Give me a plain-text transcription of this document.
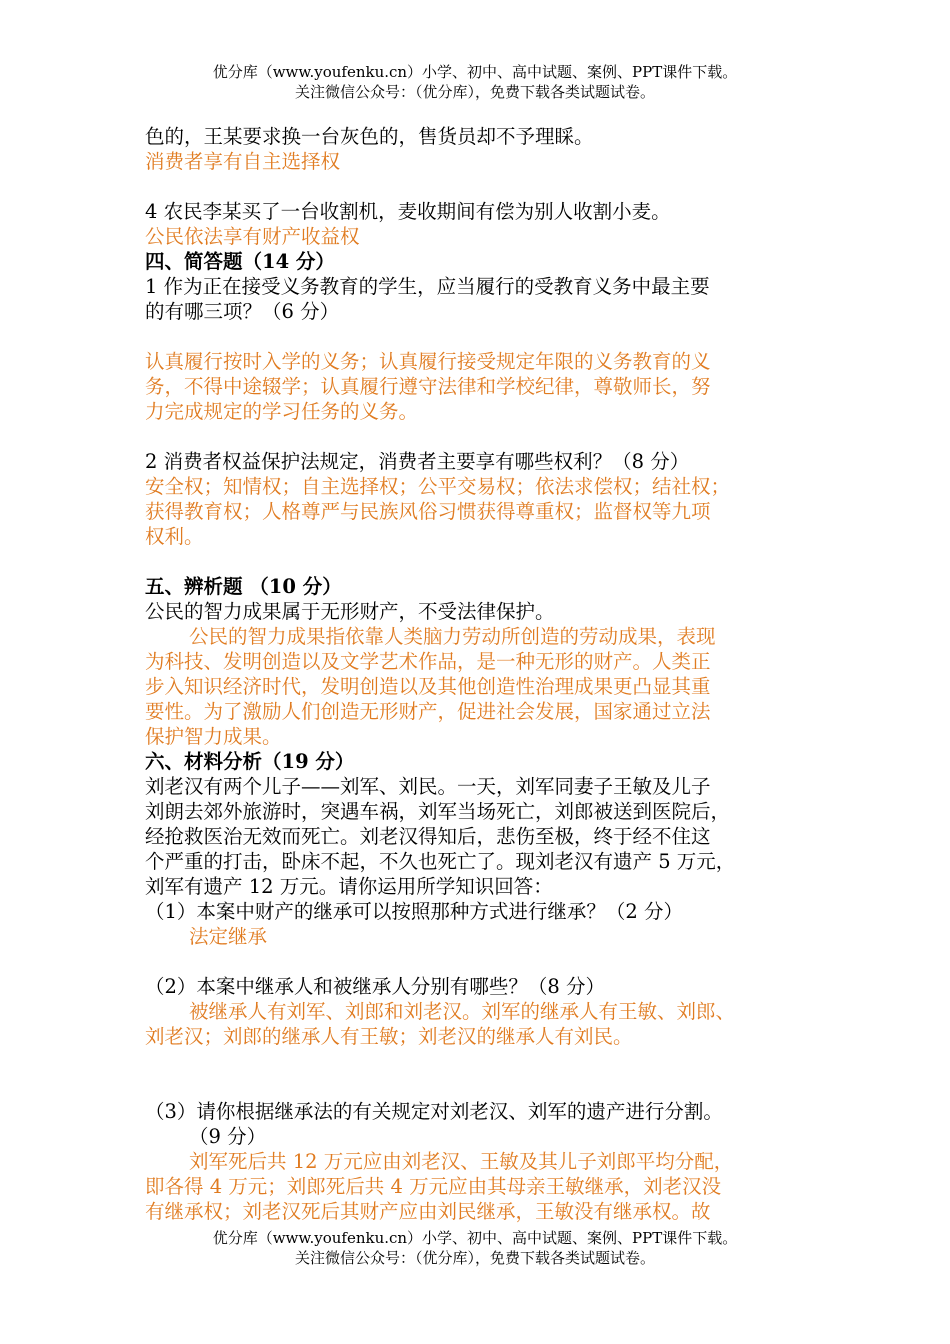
优分库（www.youfenku.cn）小学、初中、高中试题、案例、PPT课件下载。
关注微信公众号：（优分库），免费下载各类试题试卷。
色的，王某要求换一台灰色的，售货员却不予理睬。
消费者享有自主选择权
4 农民李某买了一台收割机，麦收期间有偿为别人收割小麦。
公民依法享有财产收益权
四、简答题（14 分）
1 作为正在接受义务教育的学生，应当履行的受教育义务中最主要
的有哪三项？（6 分）
认真履行按时入学的义务；认真履行接受规定年限的义务教育的义
务，不得中途辍学；认真履行遵守法律和学校纪律，尊敬师长，努
力完成规定的学习任务的义务。
2 消费者权益保护法规定，消费者主要享有哪些权利？（8 分）
安全权；知情权；自主选择权；公平交易权；依法求偿权；结社权；
获得教育权；人格尊严与民族风俗习惯获得尊重权；监督权等九项
权利。
五、辨析题 （10 分）
公民的智力成果属于无形财产，不受法律保护。
公民的智力成果指依靠人类脑力劳动所创造的劳动成果，表现
为科技、发明创造以及文学艺术作品，是一种无形的财产。人类正
步入知识经济时代，发明创造以及其他创造性治理成果更凸显其重
要性。为了激励人们创造无形财产，促进社会发展，国家通过立法
保护智力成果。
六、材料分析（19 分）
刘老汉有两个儿子——刘军、刘民。一天，刘军同妻子王敏及儿子
刘朗去郊外旅游时，突遇车祸，刘军当场死亡，刘郎被送到医院后，
经抢救医治无效而死亡。刘老汉得知后，悲伤至极，终于经不住这
个严重的打击，卧床不起，不久也死亡了。现刘老汉有遗产 5 万元，
刘军有遗产 12 万元。请你运用所学知识回答：
（1）本案中财产的继承可以按照那种方式进行继承？（2 分）
法定继承
（2）本案中继承人和被继承人分别有哪些？（8 分）
被继承人有刘军、刘郎和刘老汉。刘军的继承人有王敏、刘郎、
刘老汉；刘郎的继承人有王敏；刘老汉的继承人有刘民。
（3）请你根据继承法的有关规定对刘老汉、刘军的遗产进行分割。
（9 分）
刘军死后共 12 万元应由刘老汉、王敏及其儿子刘郎平均分配，
即各得 4 万元；刘郎死后共 4 万元应由其母亲王敏继承，刘老汉没
有继承权；刘老汉死后其财产应由刘民继承，王敏没有继承权。故
优分库（www.youfenku.cn）小学、初中、高中试题、案例、PPT课件下载。
关注微信公众号：（优分库），免费下载各类试题试卷。
